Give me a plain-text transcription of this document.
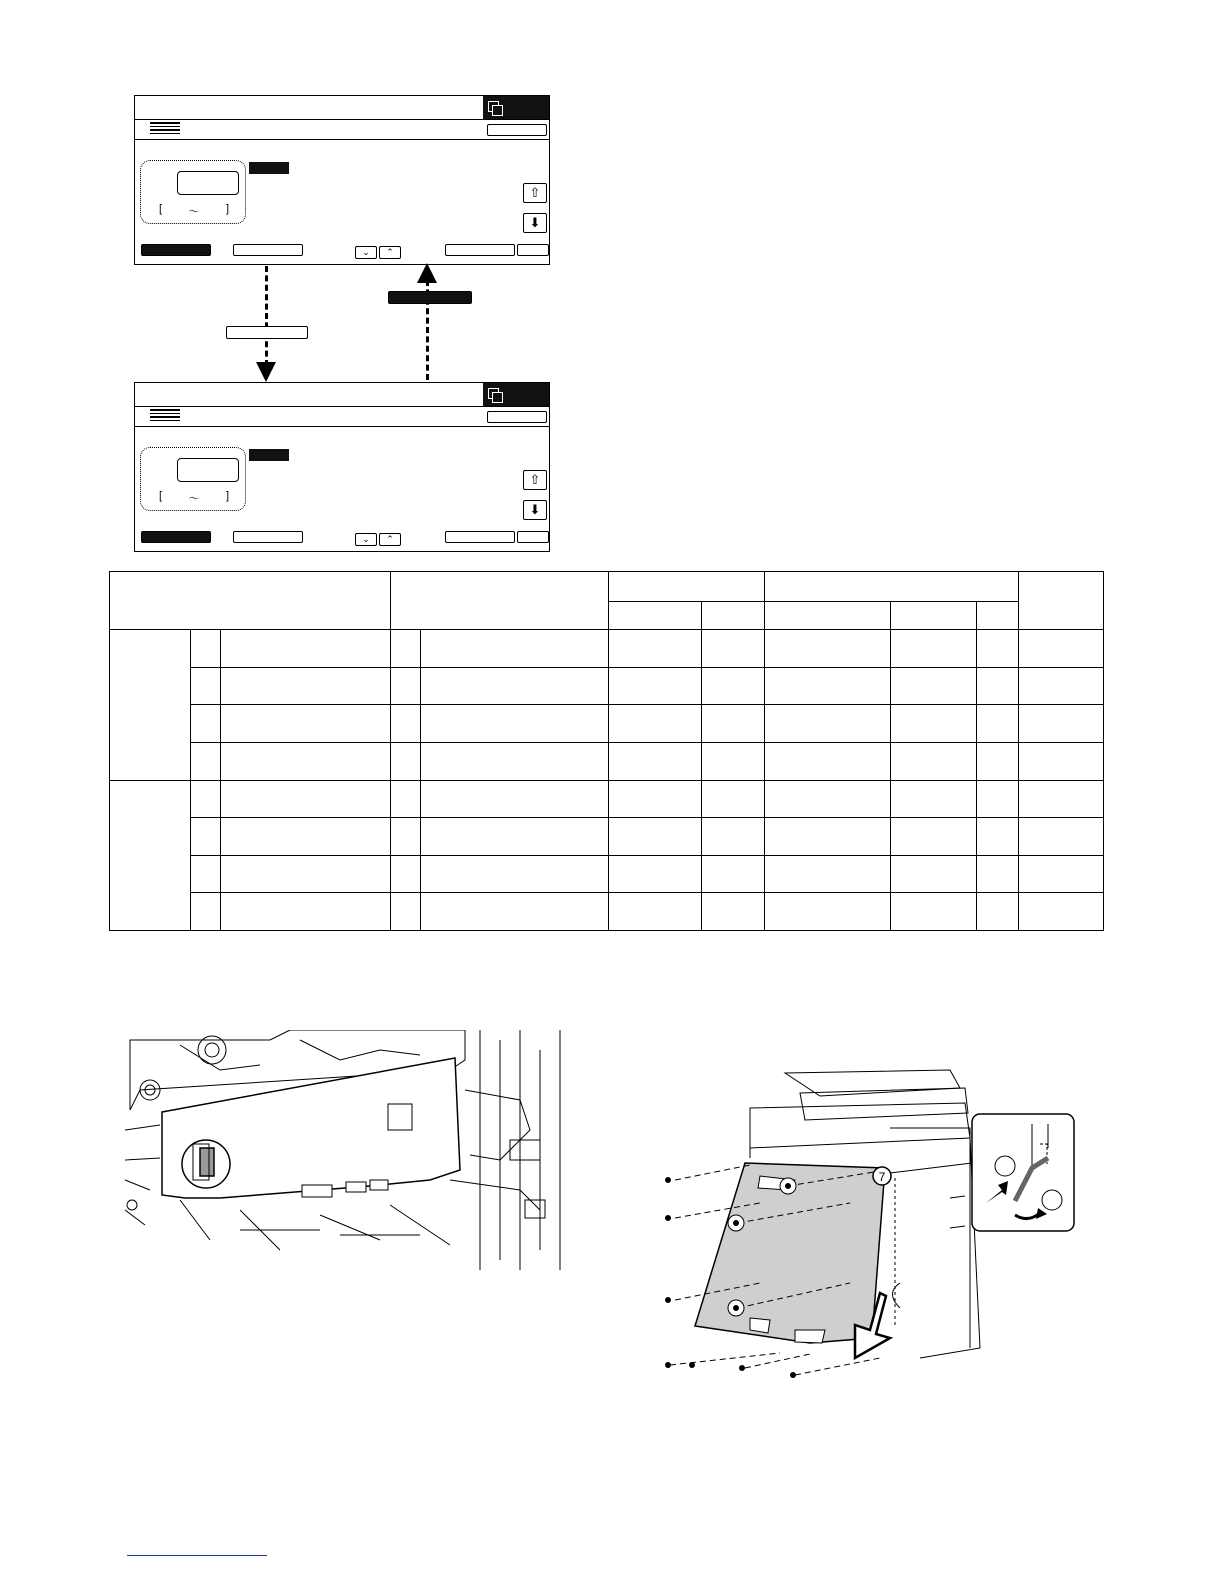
[ ～ ]
⇧
⬇
⌄	⌃
[ ～ ]
⇧
⬇
⌄	⌃

7
